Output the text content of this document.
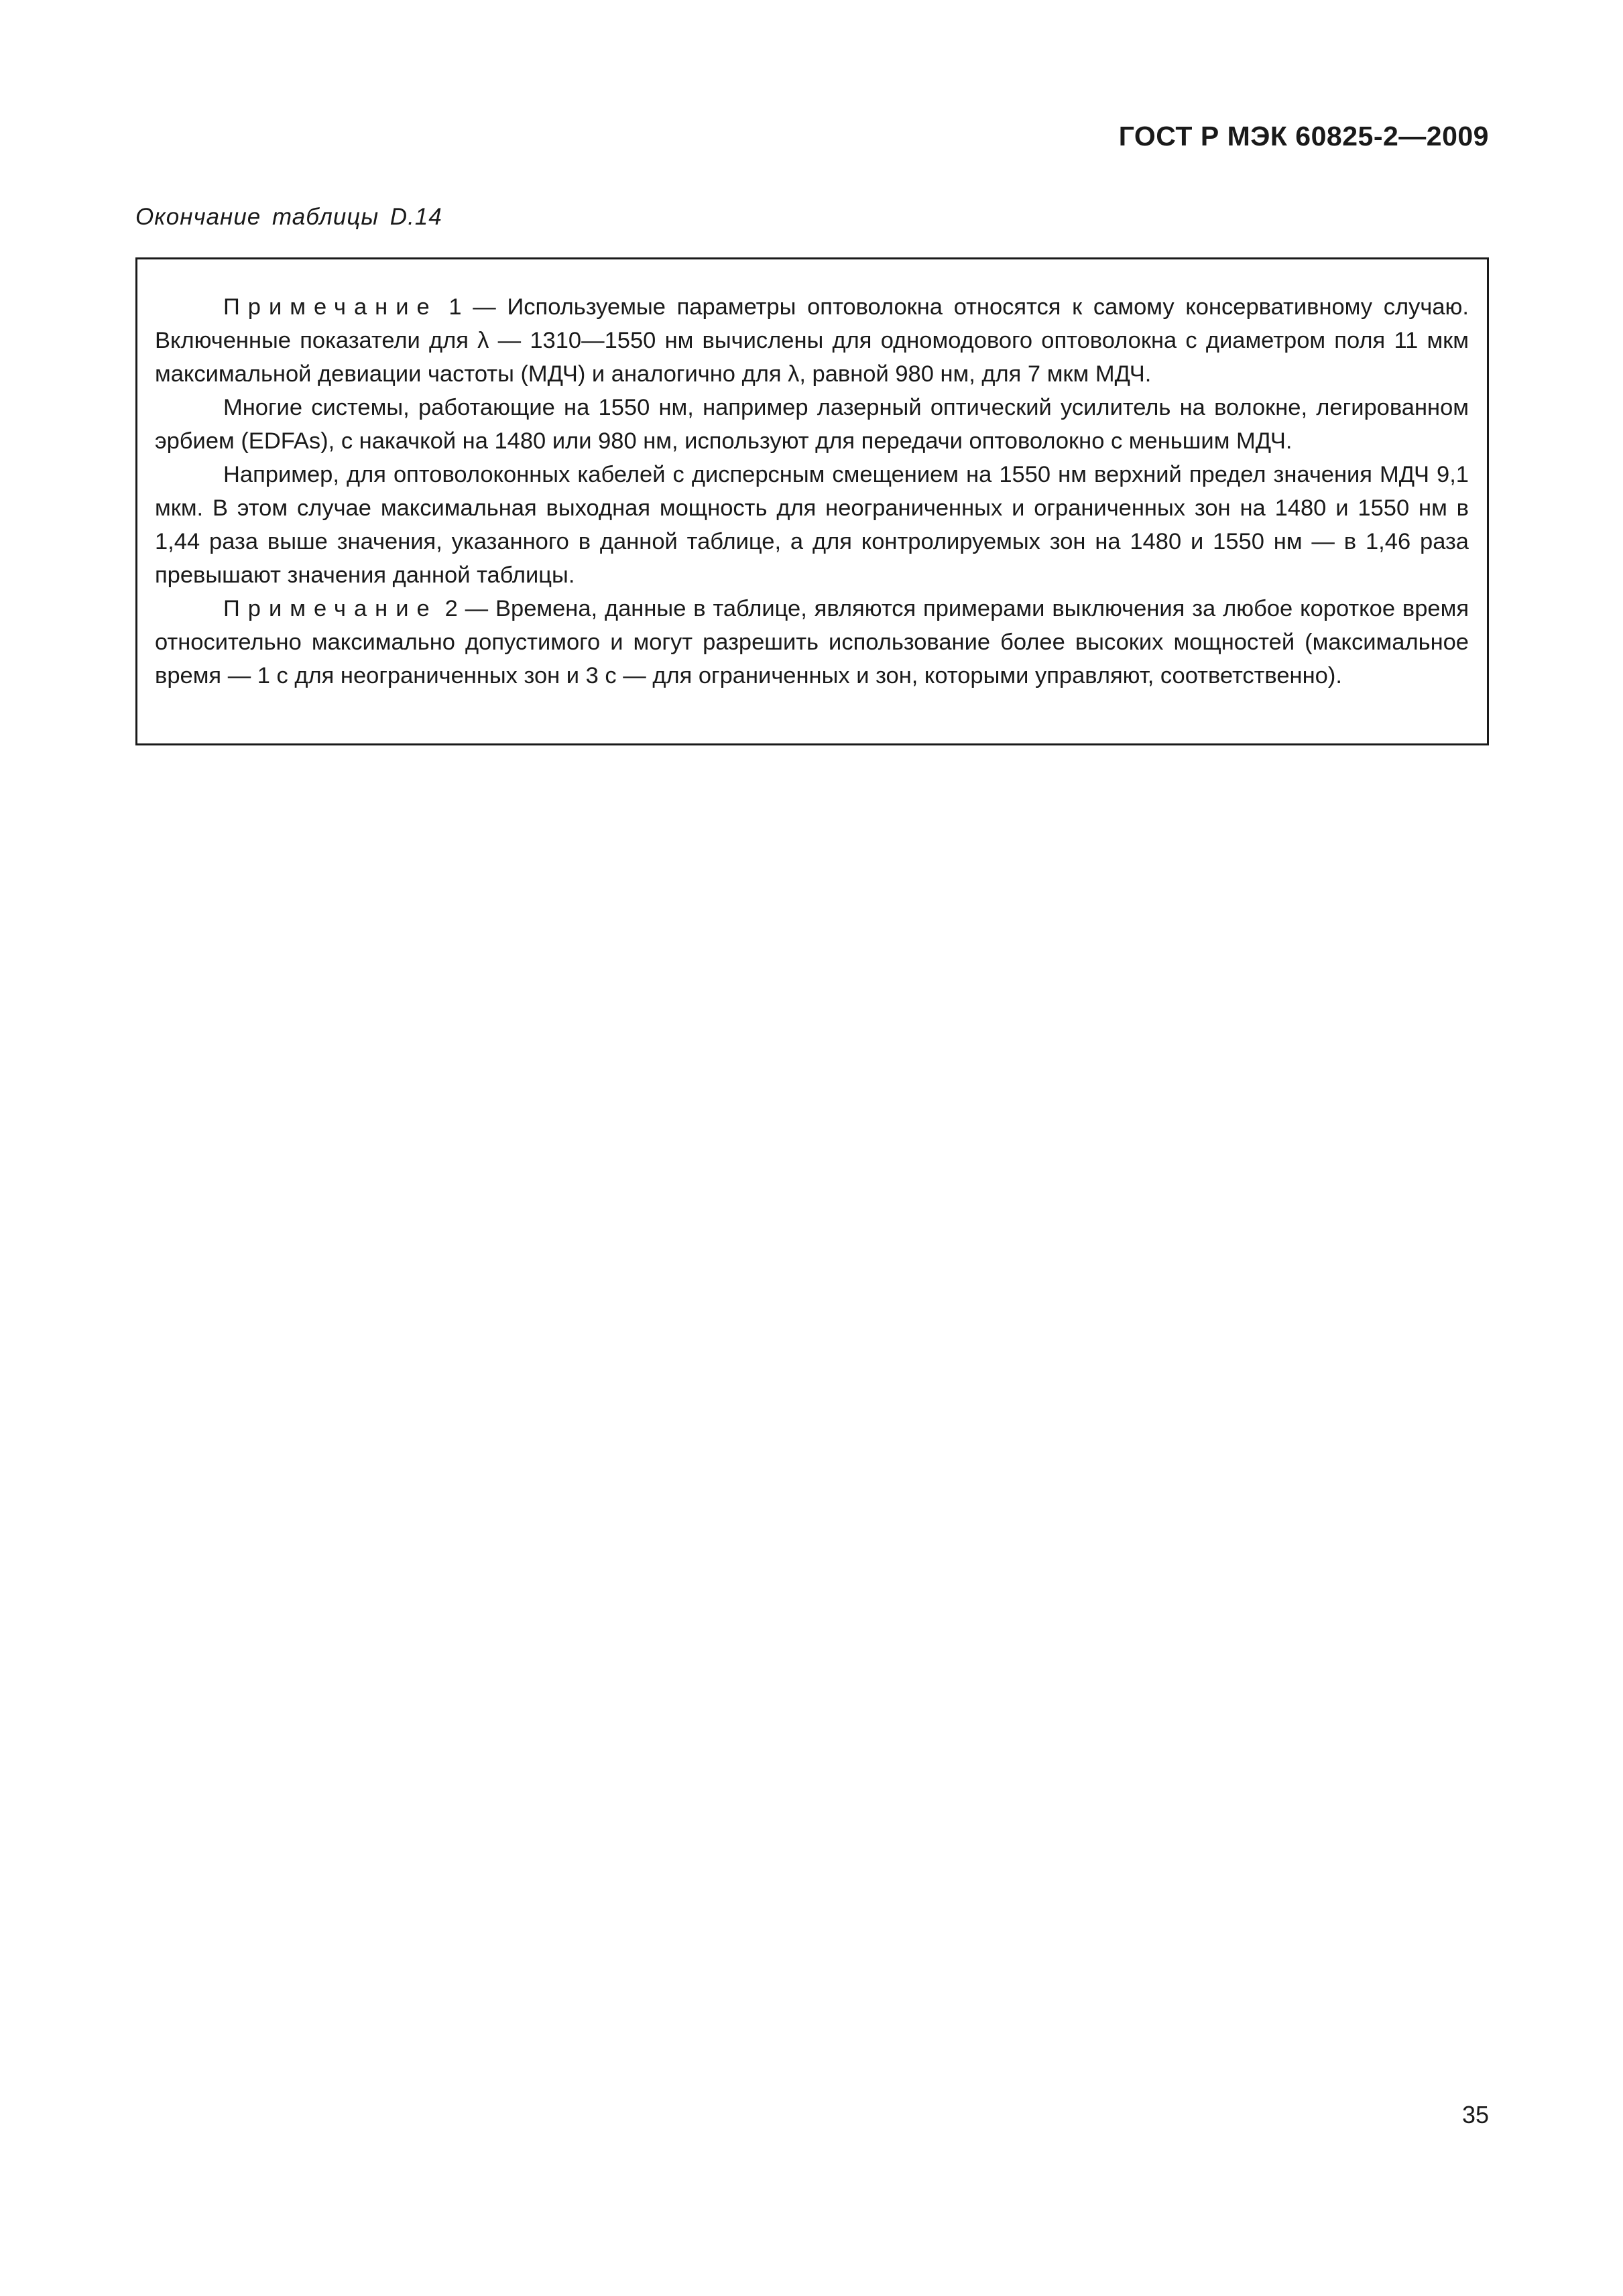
ГОСТ Р МЭК 60825-2—2009
Окончание таблицы D.14

Примечание 1 — Используемые параметры оптоволокна относятся к самому консервативному случаю. Включенные показатели для λ — 1310—1550 нм вычислены для одномодового оптоволокна с диаметром поля 11 мкм максимальной девиации частоты (МДЧ) и аналогично для λ, равной 980 нм, для 7 мкм МДЧ.

Многие системы, работающие на 1550 нм, например лазерный оптический усилитель на волокне, легированном эрбием (EDFAs), с накачкой на 1480 или 980 нм, используют для передачи оптоволокно с меньшим МДЧ.

Например, для оптоволоконных кабелей с дисперсным смещением на 1550 нм верхний предел значения МДЧ 9,1 мкм. В этом случае максимальная выходная мощность для неограниченных и ограниченных зон на 1480 и 1550 нм в 1,44 раза выше значения, указанного в данной таблице, а для контролируемых зон на 1480 и 1550 нм — в 1,46 раза превышают значения данной таблицы.

Примечание 2 — Времена, данные в таблице, являются примерами выключения за любое короткое время относительно максимально допустимого и могут разрешить использование более высоких мощностей (максимальное время — 1 с для неограниченных зон и 3 с — для ограниченных и зон, которыми управляют, соответственно).

35
